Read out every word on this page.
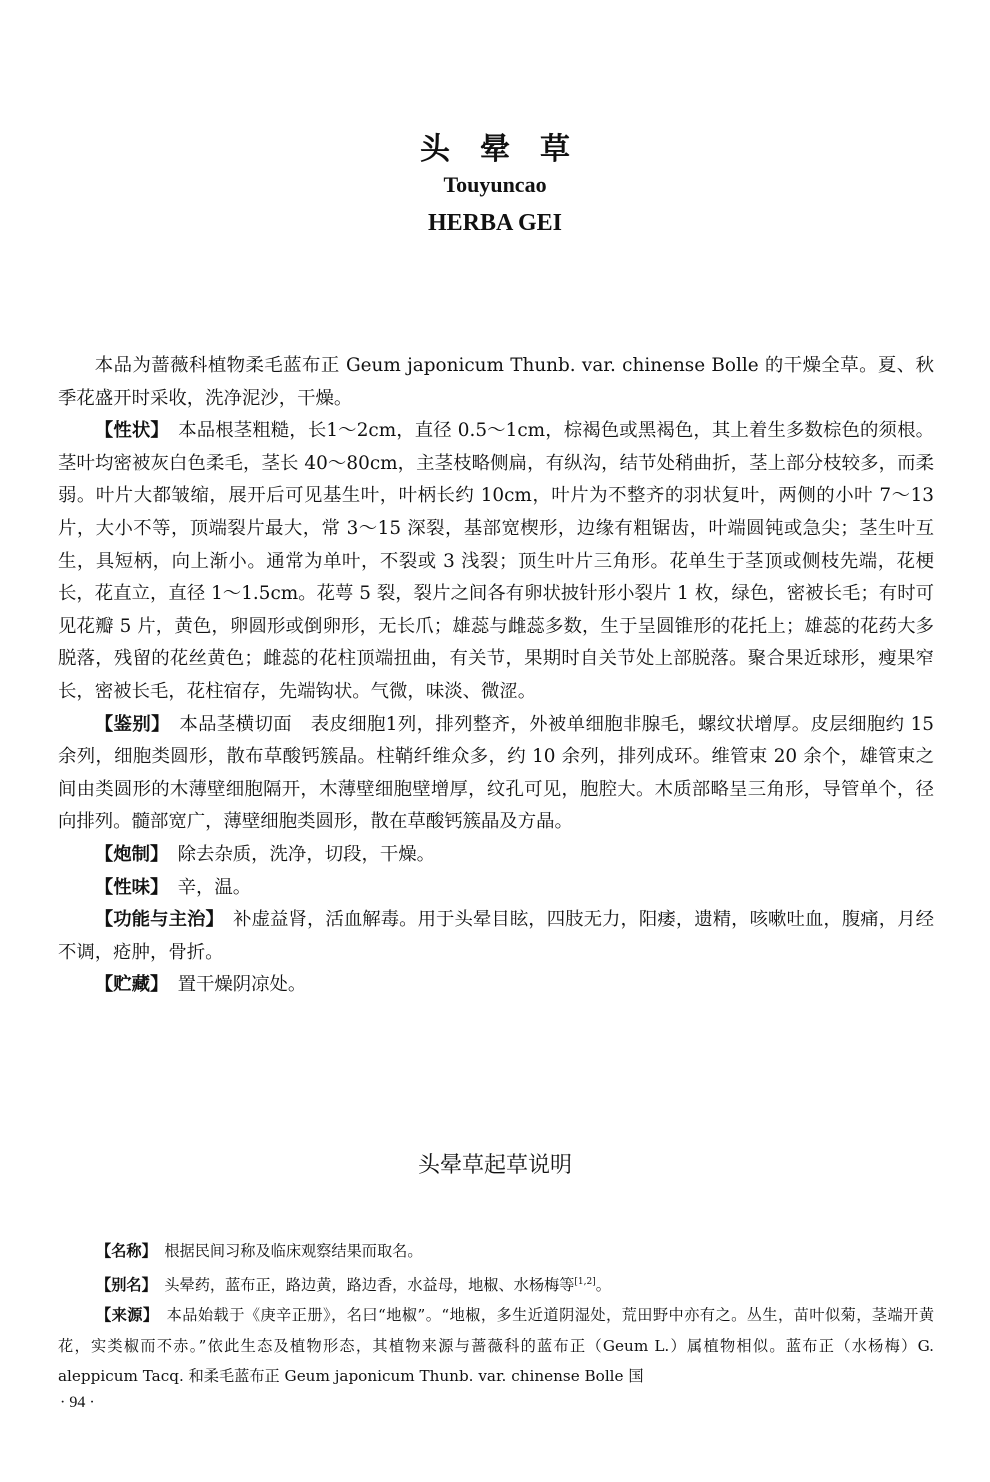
头晕草
Touyuncao
HERBA GEI

本品为蔷薇科植物柔毛蓝布正 Geum japonicum Thunb. var. chinense Bolle 的干燥全草。夏、秋季花盛开时采收，洗净泥沙，干燥。

【性状】　 本品根茎粗糙，长1～2cm，直径 0.5～1cm，棕褐色或黑褐色，其上着生多数棕色的须根。茎叶均密被灰白色柔毛，茎长 40～80cm，主茎枝略侧扁，有纵沟，结节处稍曲折，茎上部分枝较多，而柔弱。叶片大都皱缩，展开后可见基生叶，叶柄长约 10cm，叶片为不整齐的羽状复叶，两侧的小叶 7～13 片，大小不等，顶端裂片最大，常 3～15 深裂，基部宽楔形，边缘有粗锯齿，叶端圆钝或急尖；茎生叶互生，具短柄，向上渐小。通常为单叶，不裂或 3 浅裂；顶生叶片三角形。花单生于茎顶或侧枝先端，花梗长，花直立，直径 1～1.5cm。花萼 5 裂，裂片之间各有卵状披针形小裂片 1 枚，绿色，密被长毛；有时可见花瓣 5 片，黄色，卵圆形或倒卵形，无长爪；雄蕊与雌蕊多数，生于呈圆锥形的花托上；雄蕊的花药大多脱落，残留的花丝黄色；雌蕊的花柱顶端扭曲，有关节，果期时自关节处上部脱落。聚合果近球形，瘦果窄长，密被长毛，花柱宿存，先端钩状。气微，味淡、微涩。

【鉴别】　 本品茎横切面　表皮细胞1列，排列整齐，外被单细胞非腺毛，螺纹状增厚。皮层细胞约 15 余列，细胞类圆形，散布草酸钙簇晶。柱鞘纤维众多，约 10 余列，排列成环。维管束 20 余个，雄管束之间由类圆形的木薄壁细胞隔开，木薄壁细胞壁增厚，纹孔可见，胞腔大。木质部略呈三角形，导管单个，径向排列。髓部宽广，薄壁细胞类圆形，散在草酸钙簇晶及方晶。

【炮制】　 除去杂质，洗净，切段，干燥。

【性味】　 辛，温。

【功能与主治】　 补虚益肾，活血解毒。用于头晕目眩，四肢无力，阳痿，遗精，咳嗽吐血，腹痛，月经不调，疮肿，骨折。

【贮藏】　 置干燥阴凉处。

头晕草起草说明

【名称】　 根据民间习称及临床观察结果而取名。

【别名】　 头晕药，蓝布正，路边黄，路边香，水益母，地椒、水杨梅等[1,2]。

【来源】　 本品始载于《庚辛正册》，名曰“地椒”。“地椒，多生近道阴湿处，荒田野中亦有之。丛生，苗叶似菊，茎端开黄花，实类椒而不赤。”依此生态及植物形态，其植物来源与蔷薇科的蓝布正（Geum L.）属植物相似。蓝布正（水杨梅）G. aleppicum Tacq. 和柔毛蓝布正 Geum japonicum Thunb. var. chinense Bolle 国

· 94 ·
